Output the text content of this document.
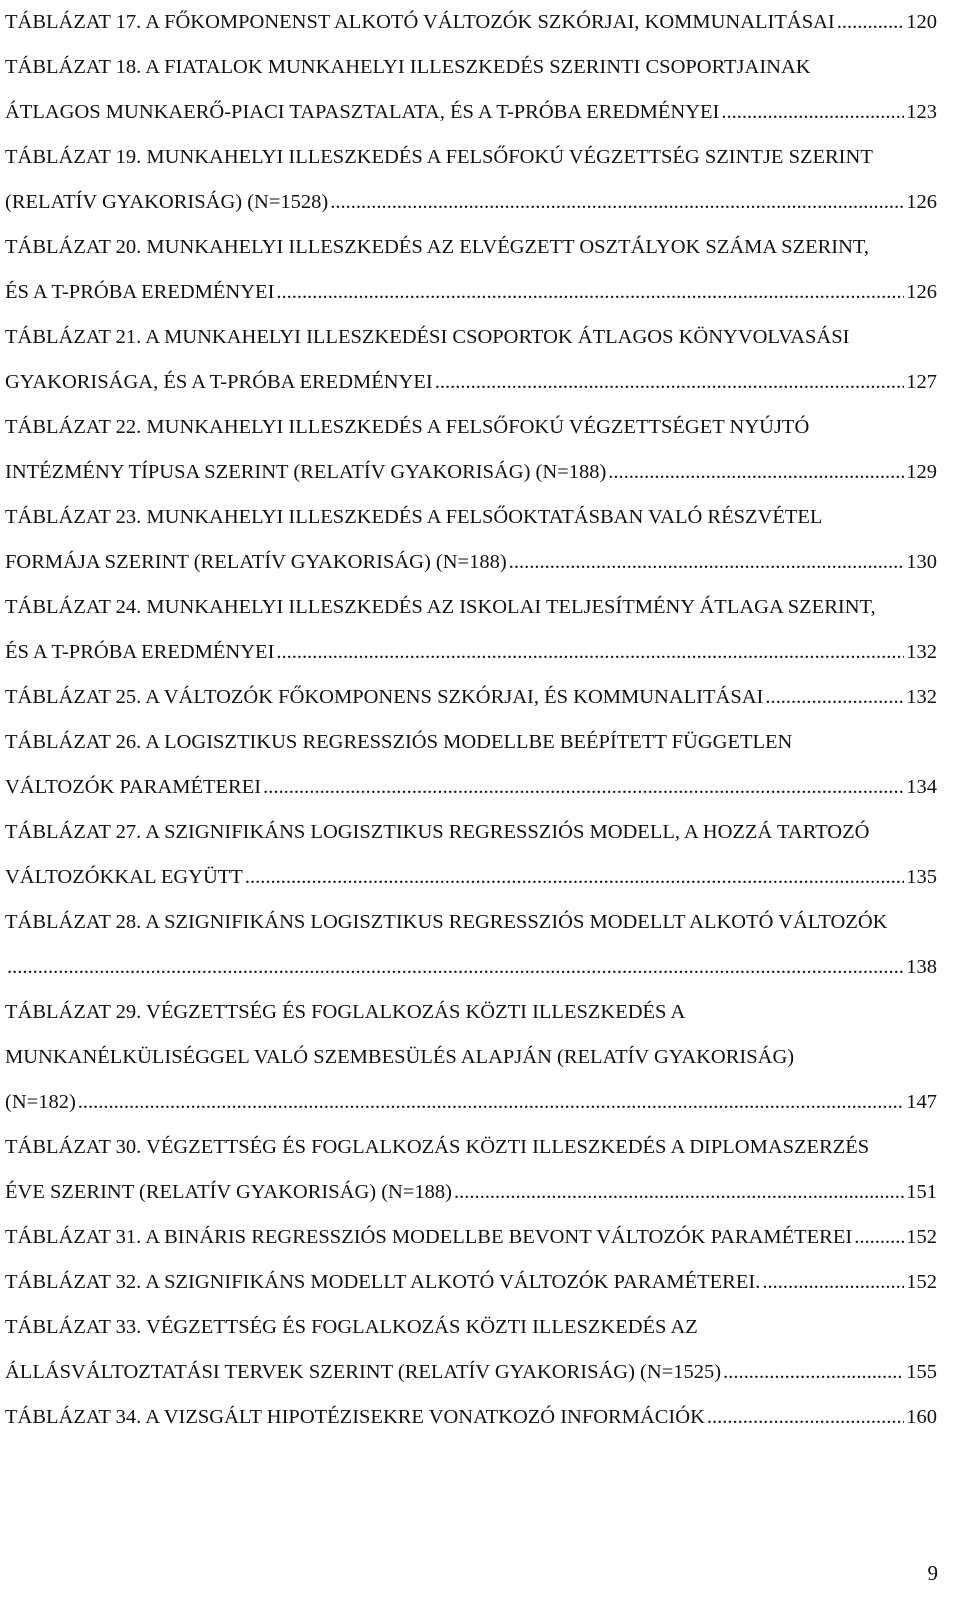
TÁBLÁZAT 17. A FŐKOMPONENST ALKOTÓ VÁLTOZÓK SZKÓRJAI, KOMMUNALITÁSAI .....	120
TÁBLÁZAT 18. A FIATALOK MUNKAHELYI ILLESZKEDÉS SZERINTI CSOPORTJAINAK
ÁTLAGOS MUNKAERŐ-PIACI TAPASZTALATA, ÉS A T-PRÓBA EREDMÉNYEI .....	123
TÁBLÁZAT 19. MUNKAHELYI ILLESZKEDÉS A FELSŐFOKÚ VÉGZETTSÉG SZINTJE SZERINT
(RELATÍV GYAKORISÁG) (N=1528) .....	126
TÁBLÁZAT 20. MUNKAHELYI ILLESZKEDÉS AZ ELVÉGZETT OSZTÁLYOK SZÁMA SZERINT,
ÉS A T-PRÓBA EREDMÉNYEI .....	126
TÁBLÁZAT 21. A MUNKAHELYI ILLESZKEDÉSI CSOPORTOK ÁTLAGOS KÖNYVOLVASÁSI
GYAKORISÁGA, ÉS A T-PRÓBA EREDMÉNYEI .....	127
TÁBLÁZAT 22. MUNKAHELYI ILLESZKEDÉS A FELSŐFOKÚ VÉGZETTSÉGET NYÚJTÓ
INTÉZMÉNY TÍPUSA SZERINT (RELATÍV GYAKORISÁG) (N=188) .....	129
TÁBLÁZAT 23. MUNKAHELYI ILLESZKEDÉS A FELSŐOKTATÁSBAN VALÓ RÉSZVÉTEL
FORMÁJA SZERINT (RELATÍV GYAKORISÁG) (N=188) .....	130
TÁBLÁZAT 24. MUNKAHELYI ILLESZKEDÉS AZ ISKOLAI TELJESÍTMÉNY ÁTLAGA SZERINT,
ÉS A T-PRÓBA EREDMÉNYEI .....	132
TÁBLÁZAT 25. A VÁLTOZÓK FŐKOMPONENS SZKÓRJAI, ÉS KOMMUNALITÁSAI .....	132
TÁBLÁZAT 26. A LOGISZTIKUS REGRESSZIÓS MODELLBE BEÉPÍTETT FÜGGETLEN
VÁLTOZÓK PARAMÉTEREI .....	134
TÁBLÁZAT 27. A SZIGNIFIKÁNS LOGISZTIKUS REGRESSZIÓS MODELL, A HOZZÁ TARTOZÓ
VÁLTOZÓKKAL EGYÜTT .....	135
TÁBLÁZAT 28. A SZIGNIFIKÁNS LOGISZTIKUS REGRESSZIÓS MODELLT ALKOTÓ VÁLTOZÓK
.....
138
TÁBLÁZAT 29. VÉGZETTSÉG ÉS FOGLALKOZÁS KÖZTI ILLESZKEDÉS A
MUNKANÉLKÜLISÉGGEL VALÓ SZEMBESÜLÉS ALAPJÁN (RELATÍV GYAKORISÁG)
(N=182) .....	147
TÁBLÁZAT 30. VÉGZETTSÉG ÉS FOGLALKOZÁS KÖZTI ILLESZKEDÉS A DIPLOMASZERZÉS
ÉVE SZERINT (RELATÍV GYAKORISÁG) (N=188) .....	151
TÁBLÁZAT 31. A BINÁRIS REGRESSZIÓS MODELLBE BEVONT VÁLTOZÓK PARAMÉTEREI .....	152
TÁBLÁZAT 32. A SZIGNIFIKÁNS MODELLT ALKOTÓ VÁLTOZÓK PARAMÉTEREI. .....	152
TÁBLÁZAT 33. VÉGZETTSÉG ÉS FOGLALKOZÁS KÖZTI ILLESZKEDÉS AZ
ÁLLÁSVÁLTOZTATÁSI TERVEK SZERINT (RELATÍV GYAKORISÁG) (N=1525) .....	155
TÁBLÁZAT 34. A VIZSGÁLT HIPOTÉZISEKRE VONATKOZÓ INFORMÁCIÓK .....	160
9
